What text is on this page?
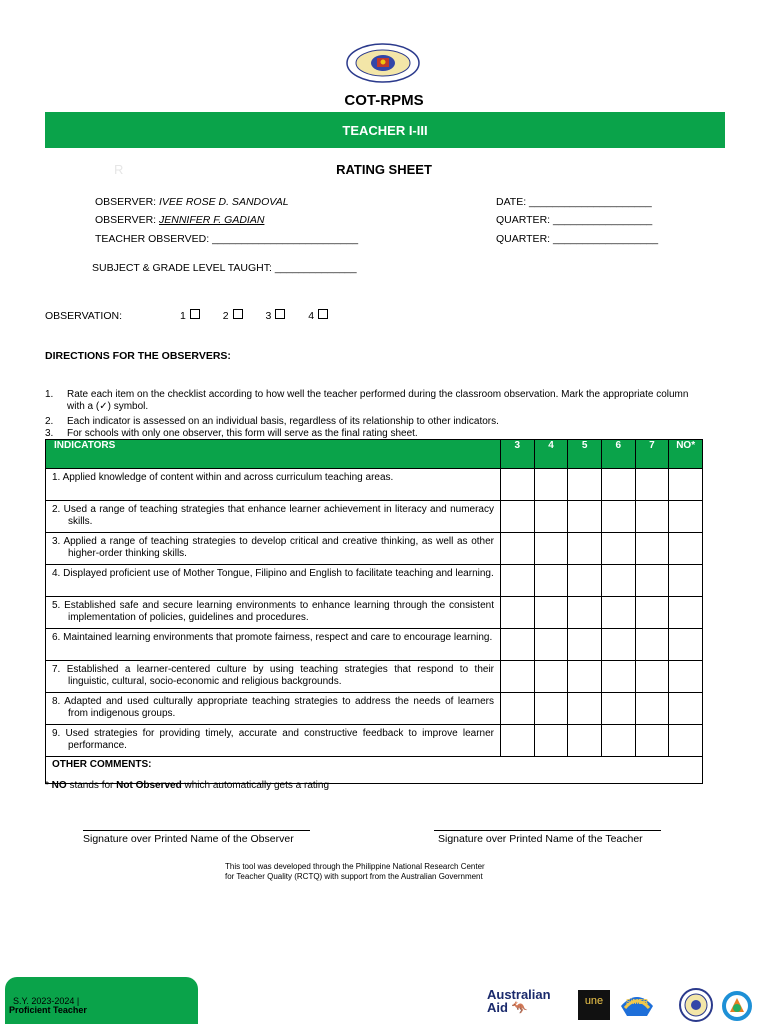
COT-RPMS
TEACHER I-III
R	RATING SHEET
OBSERVER: IVEE ROSE D. SANDOVAL
OBSERVER: JENNIFER F. GADIAN
TEACHER OBSERVED: _________________________
DATE: _____________________
QUARTER: _________________
QUARTER: __________________
SUBJECT & GRADE LEVEL TAUGHT: ______________
OBSERVATION:	1	2	3	4
DIRECTIONS FOR THE OBSERVERS:
1. Rate each item on the checklist according to how well the teacher performed during the classroom observation. Mark the appropriate column with a (✓) symbol.
2. Each indicator is assessed on an individual basis, regardless of its relationship to other indicators.
3. For schools with only one observer, this form will serve as the final rating sheet.
INDICATORS	3	4	5	6	7	NO*

1. Applied knowledge of content within and across curriculum teaching areas.						

2. Used a range of teaching strategies that enhance learner achievement in literacy and numeracy skills.						

3. Applied a range of teaching strategies to develop critical and creative thinking, as well as other higher-order thinking skills.						

4. Displayed proficient use of Mother Tongue, Filipino and English to facilitate teaching and learning.						

5. Established safe and secure learning environments to enhance learning through the consistent implementation of policies, guidelines and procedures.						

6. Maintained learning environments that promote fairness, respect and care to encourage learning.						

7. Established a learner-centered culture by using teaching strategies that respond to their linguistic, cultural, socio-economic and religious backgrounds.						

8. Adapted and used culturally appropriate teaching strategies to address the needs of learners from indigenous groups.						

9. Used strategies for providing timely, accurate and constructive feedback to improve learner performance.						

OTHER COMMENTS:						
* NO stands for Not Observed which automatically gets a rating
Signature over Printed Name of the Observer	Signature over Printed Name of the Teacher
This tool was developed through the Philippine National Research Center for Teacher Quality (RCTQ) with support from the Australian Government
S.Y. 2023-2024 |
Proficient Teacher
Australian
Aid 🦘	une	SiMER
